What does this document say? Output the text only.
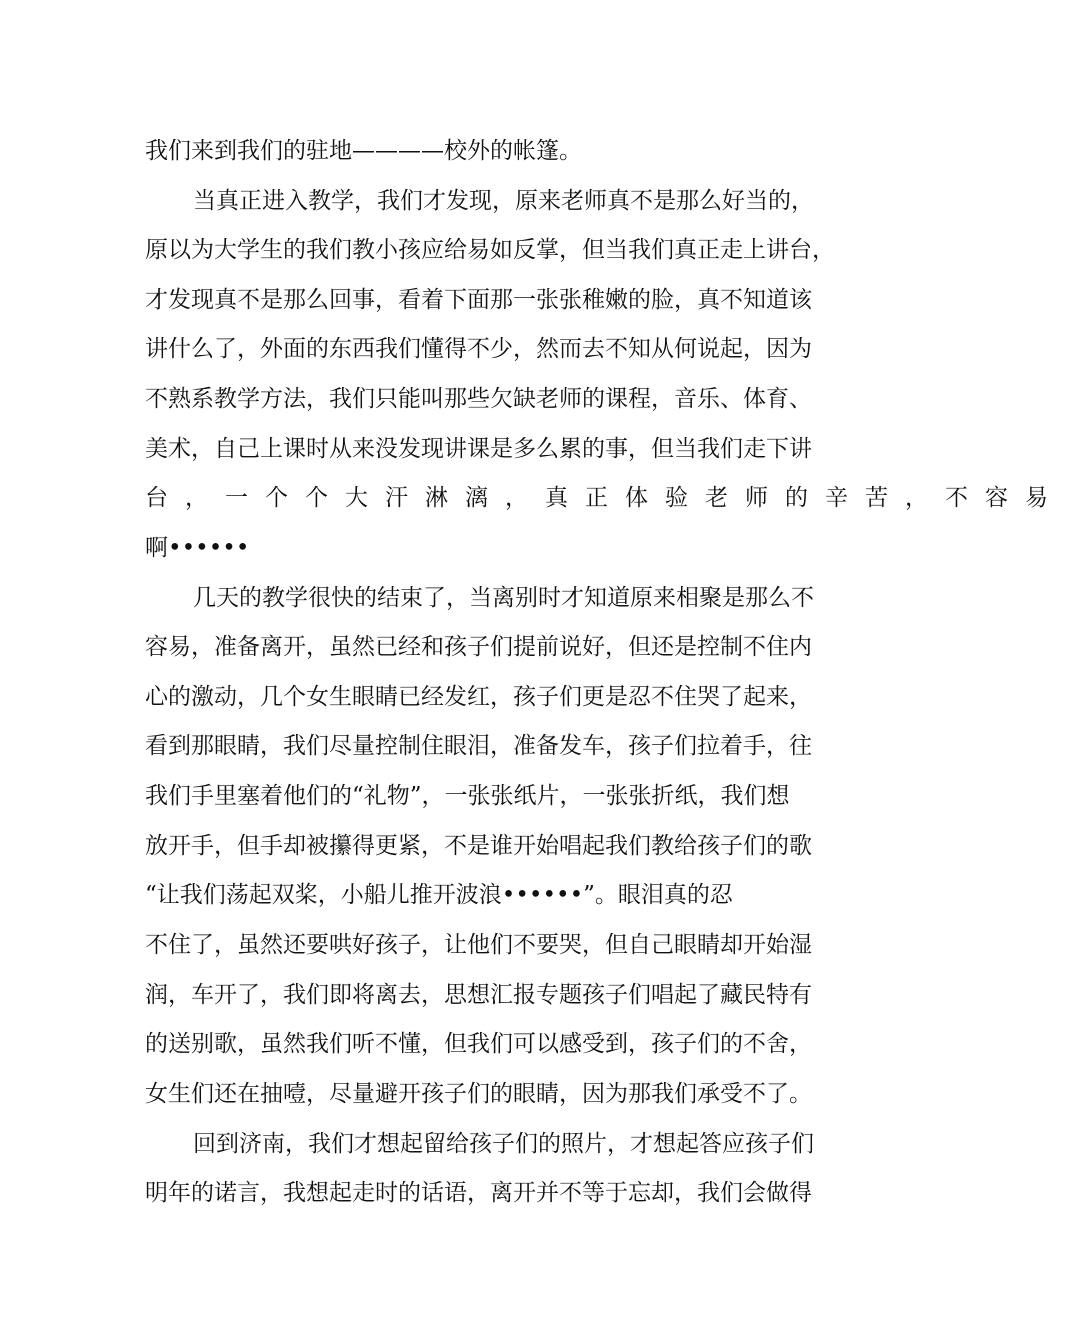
我们来到我们的驻地————校外的帐篷。
当真正进入教学，我们才发现，原来老师真不是那么好当的，
原以为大学生的我们教小孩应给易如反掌，但当我们真正走上讲台，
才发现真不是那么回事，看着下面那一张张稚嫩的脸，真不知道该
讲什么了，外面的东西我们懂得不少，然而去不知从何说起，因为
不熟系教学方法，我们只能叫那些欠缺老师的课程，音乐、体育、
美术，自己上课时从来没发现讲课是多么累的事，但当我们走下讲
台，一个个大汗淋漓，真正体验老师的辛苦，不容易
啊••••••
几天的教学很快的结束了，当离别时才知道原来相聚是那么不
容易，准备离开，虽然已经和孩子们提前说好，但还是控制不住内
心的激动，几个女生眼睛已经发红，孩子们更是忍不住哭了起来，
看到那眼睛，我们尽量控制住眼泪，准备发车，孩子们拉着手，往
我们手里塞着他们的“礼物”，一张张纸片，一张张折纸，我们想
放开手，但手却被攥得更紧，不是谁开始唱起我们教给孩子们的歌
“让我们荡起双桨，小船儿推开波浪••••••”。眼泪真的忍
不住了，虽然还要哄好孩子，让他们不要哭，但自己眼睛却开始湿
润，车开了，我们即将离去，思想汇报专题孩子们唱起了藏民特有
的送别歌，虽然我们听不懂，但我们可以感受到，孩子们的不舍，
女生们还在抽噎，尽量避开孩子们的眼睛，因为那我们承受不了。
回到济南，我们才想起留给孩子们的照片，才想起答应孩子们
明年的诺言，我想起走时的话语，离开并不等于忘却，我们会做得
